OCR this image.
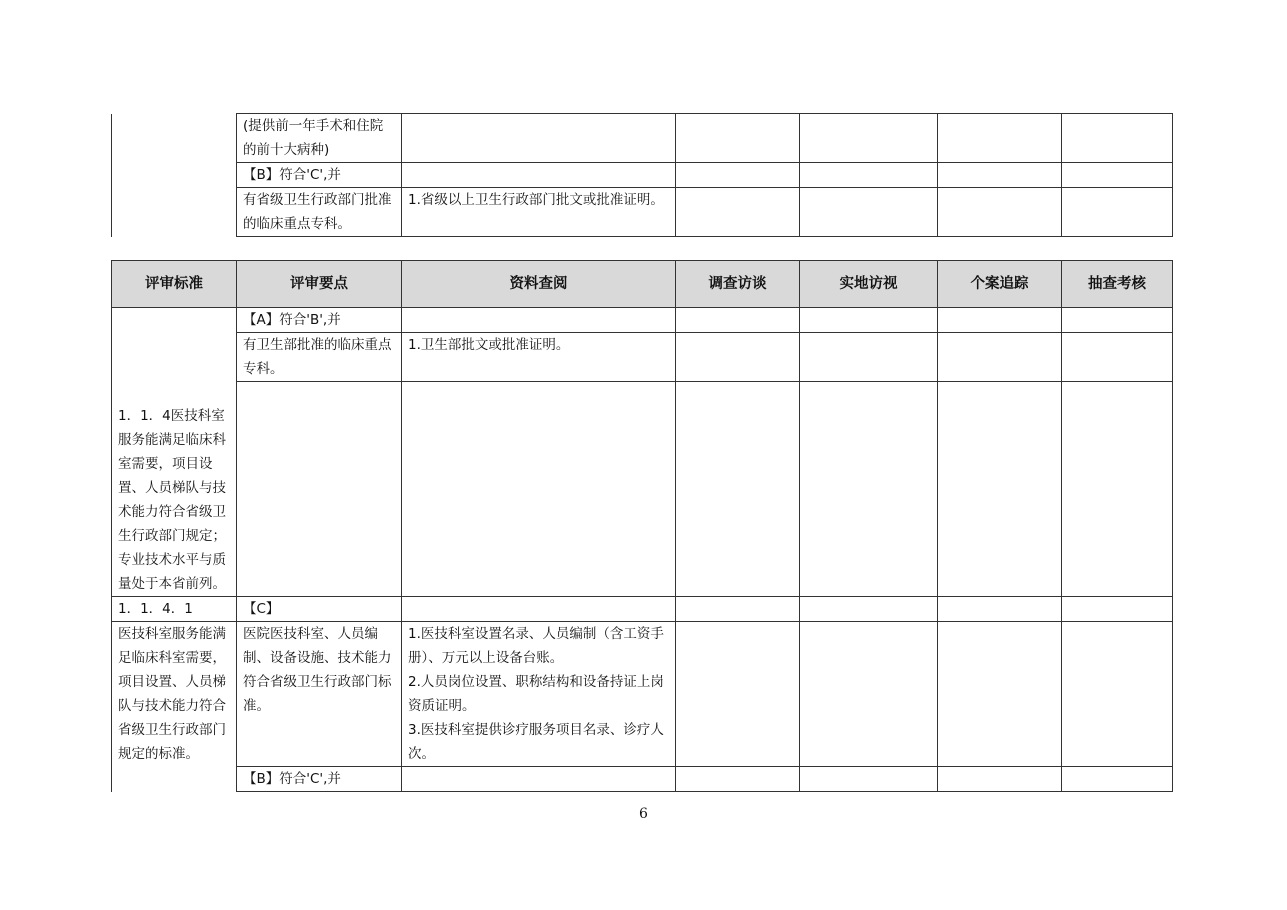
	(提供前一年手术和住院的前十大病种)					
	【B】符合'C',并					
	有省级卫生行政部门批准的临床重点专科。	1.省级以上卫生行政部门批文或批准证明。				
评审标准	评审要点	资料查阅	调查访谈	实地访视	个案追踪	抽查考核
1．1．4医技科室服务能满足临床科室需要，项目设置、人员梯队与技术能力符合省级卫生行政部门规定；专业技术水平与质量处于本省前列。	【A】符合'B',并					
	有卫生部批准的临床重点专科。	1.卫生部批文或批准证明。				

1．1．4．1	【C】					
医技科室服务能满足临床科室需要，项目设置、人员梯队与技术能力符合省级卫生行政部门规定的标准。	医院医技科室、人员编制、设备设施、技术能力符合省级卫生行政部门标准。	1.医技科室设置名录、人员编制（含工资手册）、万元以上设备台账。
2.人员岗位设置、职称结构和设备持证上岗资质证明。
3.医技科室提供诊疗服务项目名录、诊疗人次。				
	【B】符合'C',并					
6
